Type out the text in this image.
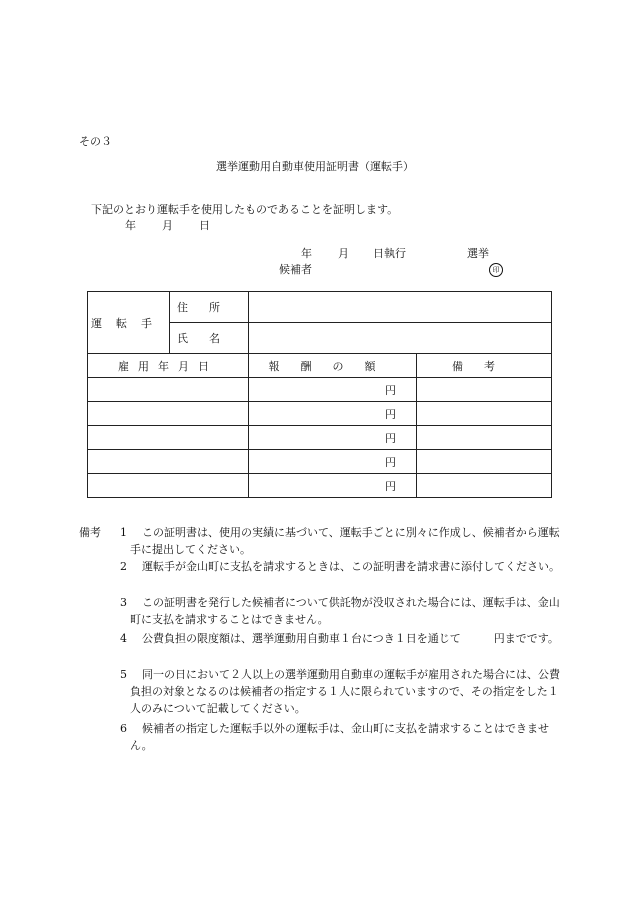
その３
選挙運動用自動車使用証明書（運転手）
下記のとおり運転手を使用したものであることを証明します。
年 月 日
年 月 日執行	選挙
候補者	印
運転手	住所		
	氏名		
雇用年月日		報酬の額	備考
		円	
		円	
		円	
		円	
		円	
備考 1	この証明書は、使用の実績に基づいて、運転手ごとに別々に作成し、候補者から運転手に提出してください。
2	運転手が金山町に支払を請求するときは、この証明書を請求書に添付してください。
3	この証明書を発行した候補者について供託物が没収された場合には、運転手は、金山町に支払を請求することはできません。
4	公費負担の限度額は、選挙運動用自動車１台につき１日を通じて　　　円までです。
5	同一の日において２人以上の選挙運動用自動車の運転手が雇用された場合には、公費負担の対象となるのは候補者の指定する１人に限られていますので、その指定をした１人のみについて記載してください。
6	候補者の指定した運転手以外の運転手は、金山町に支払を請求することはできません。
